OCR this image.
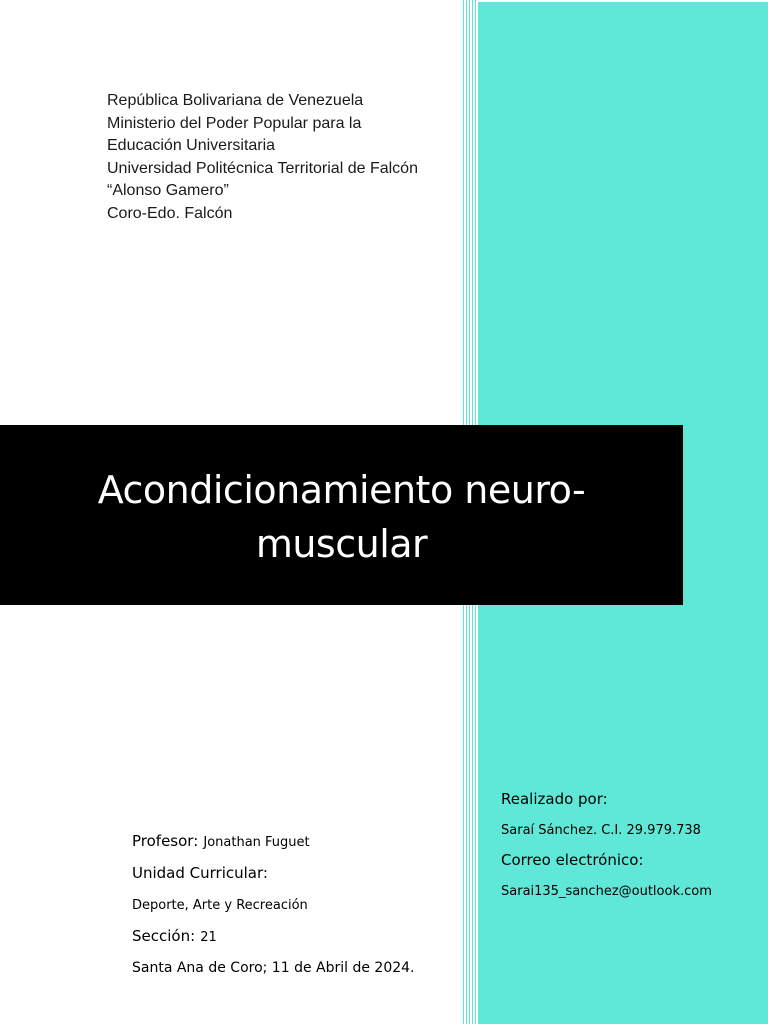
República Bolivariana de Venezuela
Ministerio del Poder Popular para la
Educación Universitaria
Universidad Politécnica Territorial de Falcón
“Alonso Gamero”
Coro-Edo. Falcón
Acondicionamiento neuro-
muscular
Profesor: Jonathan Fuguet
Unidad Curricular:
Deporte, Arte y Recreación
Sección: 21
Santa Ana de Coro; 11 de Abril de 2024.
Realizado por:
Saraí Sánchez. C.I. 29.979.738
Correo electrónico:
Sarai135_sanchez@outlook.com
